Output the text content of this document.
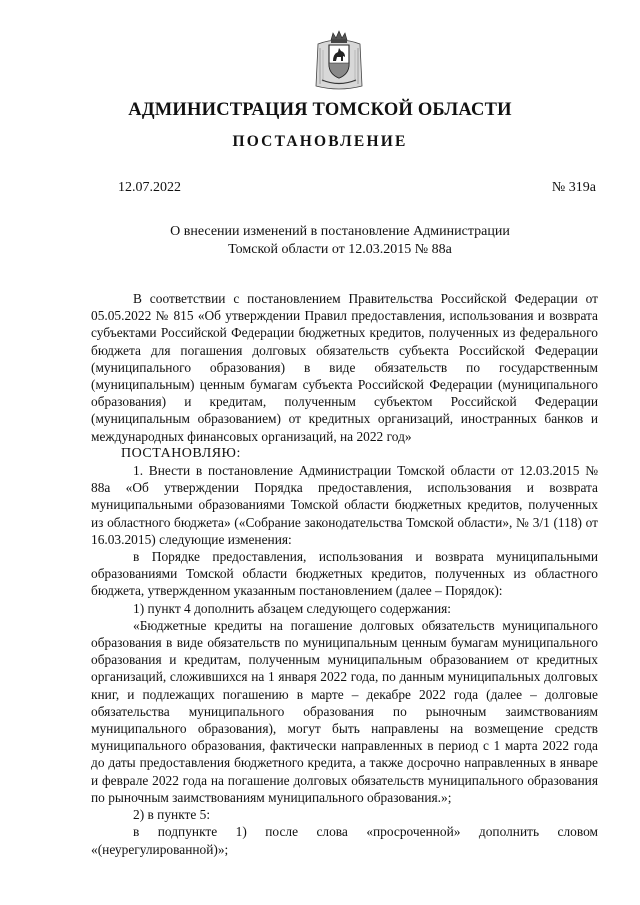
АДМИНИСТРАЦИЯ ТОМСКОЙ ОБЛАСТИ
ПОСТАНОВЛЕНИЕ
12.07.2022	№ 319а
О внесении изменений в постановление Администрации
Томской области от 12.03.2015 № 88а

В соответствии с постановлением Правительства Российской Федерации от 05.05.2022 № 815 «Об утверждении Правил предоставления, использования и возврата субъектами Российской Федерации бюджетных кредитов, полученных из федерального бюджета для погашения долговых обязательств субъекта Российской Федерации (муниципального образования) в виде обязательств по государственным (муниципальным) ценным бумагам субъекта Российской Федерации (муниципального образования) и кредитам, полученным субъектом Российской Федерации (муниципальным образованием) от кредитных организаций, иностранных банков и международных финансовых организаций, на 2022 год»

ПОСТАНОВЛЯЮ:

1. Внести в постановление Администрации Томской области от 12.03.2015 № 88а «Об утверждении Порядка предоставления, использования и возврата муниципальными образованиями Томской области бюджетных кредитов, полученных из областного бюджета» («Собрание законодательства Томской области», № 3/1 (118) от 16.03.2015) следующие изменения:

в Порядке предоставления, использования и возврата муниципальными образованиями Томской области бюджетных кредитов, полученных из областного бюджета, утвержденном указанным постановлением (далее – Порядок):

1) пункт 4 дополнить абзацем следующего содержания:

«Бюджетные кредиты на погашение долговых обязательств муниципального образования в виде обязательств по муниципальным ценным бумагам муниципального образования и кредитам, полученным муниципальным образованием от кредитных организаций, сложившихся на 1 января 2022 года, по данным муниципальных долговых книг, и подлежащих погашению в марте – декабре 2022 года (далее – долговые обязательства муниципального образования по рыночным заимствованиям муниципального образования), могут быть направлены на возмещение средств муниципального образования, фактически направленных в период с 1 марта 2022 года до даты предоставления бюджетного кредита, а также досрочно направленных в январе и феврале 2022 года на погашение долговых обязательств муниципального образования по рыночным заимствованиям муниципального образования.»;

2) в пункте 5:

в подпункте 1) после слова «просроченной» дополнить словом «(неурегулированной)»;
